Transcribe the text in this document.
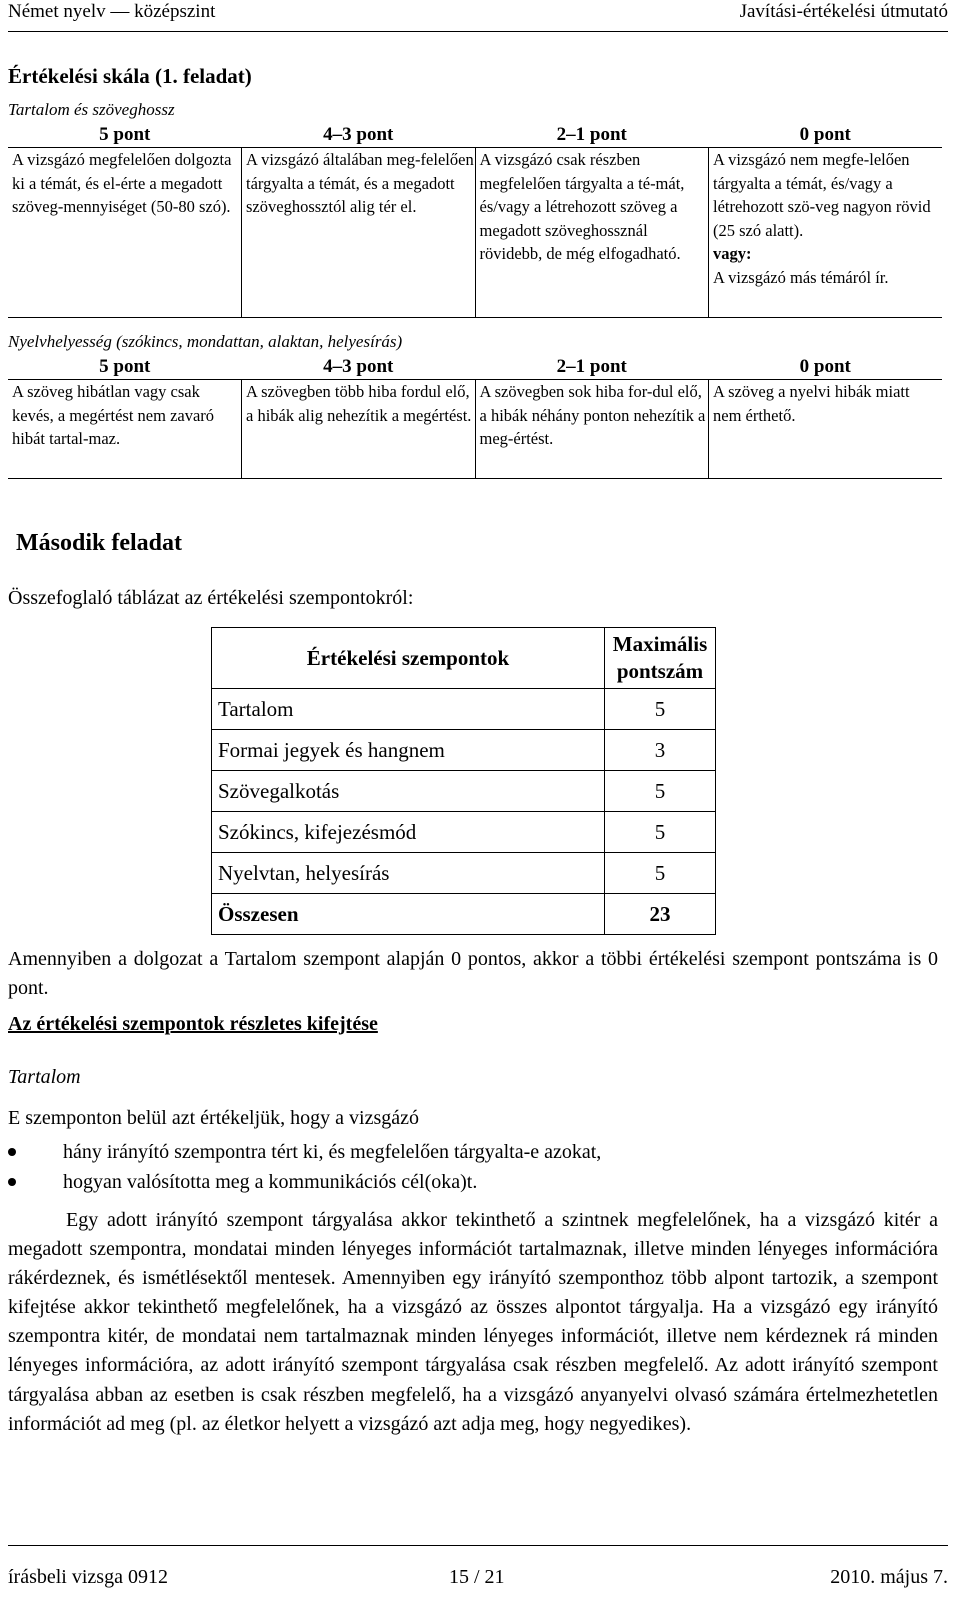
Német nyelv — középszint	Javítási-értékelési útmutató
Értékelési skála (1. feladat)
Tartalom és szöveghossz
5 pont	4–3 pont	2–1 pont	0 pont
A vizsgázó megfelelően dolgozta ki a témát, és el-érte a megadott szöveg-mennyiséget (50-80 szó).	A vizsgázó általában meg-felelően tárgyalta a témát, és a megadott szöveghossztól alig tér el.	A vizsgázó csak részben megfelelően tárgyalta a té-mát, és/vagy a létrehozott szöveg a megadott szöveghossznál rövidebb, de még elfogadható.	A vizsgázó nem megfe-lelően tárgyalta a témát, és/vagy a létrehozott szö-veg nagyon rövid (25 szó alatt).
vagy:
A vizsgázó más témáról ír.
Nyelvhelyesség (szókincs, mondattan, alaktan, helyesírás)
5 pont	4–3 pont	2–1 pont	0 pont
A szöveg hibátlan vagy csak kevés, a megértést nem zavaró hibát tartal-maz.	A szövegben több hiba fordul elő, a hibák alig nehezítik a megértést.	A szövegben sok hiba for-dul elő, a hibák néhány ponton nehezítik a meg-értést.	A szöveg a nyelvi hibák miatt nem érthető.
Második feladat
Összefoglaló táblázat az értékelési szempontokról:
Értékelési szempontok	Maximális pontszám
Tartalom	5
Formai jegyek és hangnem	3
Szövegalkotás	5
Szókincs, kifejezésmód	5
Nyelvtan, helyesírás	5
Összesen	23
Amennyiben a dolgozat a Tartalom szempont alapján 0 pontos, akkor a többi értékelési szempont pontszáma is 0 pont.
Az értékelési szempontok részletes kifejtése
Tartalom
E szemponton belül azt értékeljük, hogy a vizsgázó
hány irányító szempontra tért ki, és megfelelően tárgyalta-e azokat,
hogyan valósította meg a kommunikációs cél(oka)t.
Egy adott irányító szempont tárgyalása akkor tekinthető a szintnek megfelelőnek, ha a vizsgázó kitér a megadott szempontra, mondatai minden lényeges információt tartalmaznak, illetve minden lényeges információra rákérdeznek, és ismétlésektől mentesek. Amennyiben egy irányító szemponthoz több alpont tartozik, a szempont kifejtése akkor tekinthető megfelelőnek, ha a vizsgázó az összes alpontot tárgyalja. Ha a vizsgázó egy irányító szempontra kitér, de mondatai nem tartalmaznak minden lényeges információt, illetve nem kérdeznek rá minden lényeges információra, az adott irányító szempont tárgyalása csak részben megfelelő. Az adott irányító szempont tárgyalása abban az esetben is csak részben megfelelő, ha a vizsgázó anyanyelvi olvasó számára értelmezhetetlen információt ad meg (pl. az életkor helyett a vizsgázó azt adja meg, hogy negyedikes).
írásbeli vizsga 0912	15 / 21	2010. május 7.
